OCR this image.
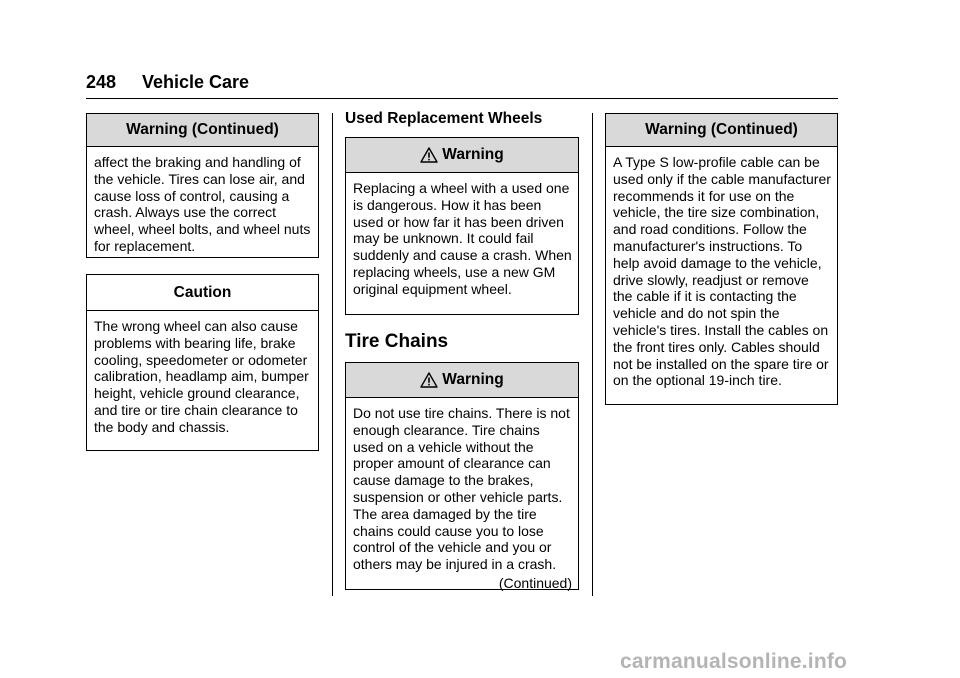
248 Vehicle Care
Warning (Continued)
affect the braking and handling of the vehicle. Tires can lose air, and cause loss of control, causing a crash. Always use the correct wheel, wheel bolts, and wheel nuts for replacement.
Caution
The wrong wheel can also cause problems with bearing life, brake cooling, speedometer or odometer calibration, headlamp aim, bumper height, vehicle ground clearance, and tire or tire chain clearance to the body and chassis.
Used Replacement Wheels
Warning
Replacing a wheel with a used one is dangerous. How it has been used or how far it has been driven may be unknown. It could fail suddenly and cause a crash. When replacing wheels, use a new GM original equipment wheel.
Tire Chains
Warning
Do not use tire chains. There is not enough clearance. Tire chains used on a vehicle without the proper amount of clearance can cause damage to the brakes, suspension or other vehicle parts. The area damaged by the tire chains could cause you to lose control of the vehicle and you or others may be injured in a crash.
(Continued)
Warning (Continued)
A Type S low-profile cable can be used only if the cable manufacturer recommends it for use on the vehicle, the tire size combination, and road conditions. Follow the manufacturer's instructions. To help avoid damage to the vehicle, drive slowly, readjust or remove the cable if it is contacting the vehicle and do not spin the vehicle's tires. Install the cables on the front tires only. Cables should not be installed on the spare tire or on the optional 19-inch tire.
carmanualsonline.info
